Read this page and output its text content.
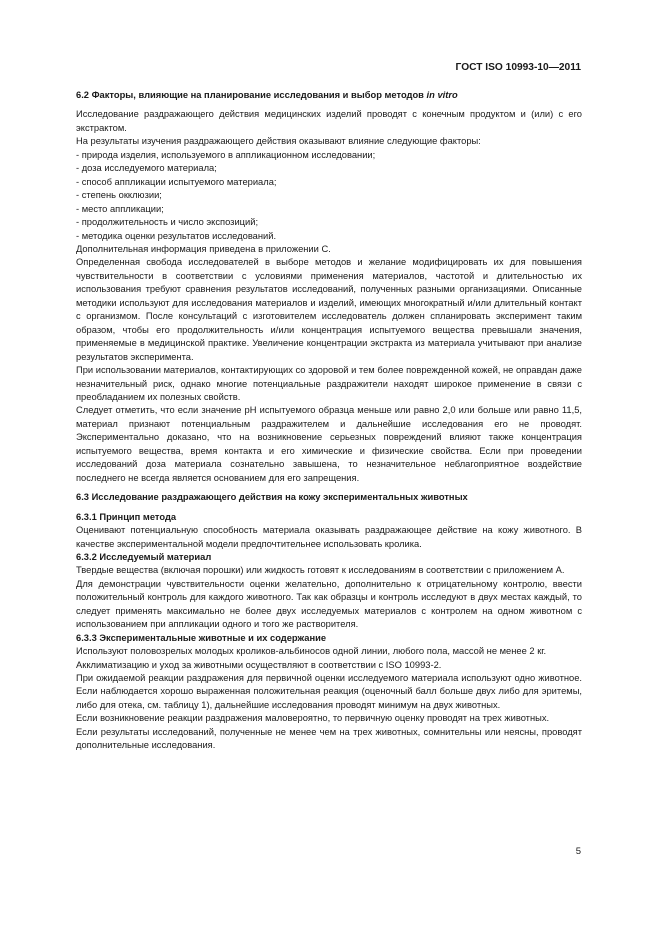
ГОСТ ISO 10993-10—2011
6.2 Факторы, влияющие на планирование исследования и выбор методов in vitro

Исследование раздражающего действия медицинских изделий проводят с конечным продуктом и (или) с его экстрактом.

На результаты изучения раздражающего действия оказывают влияние следующие факторы:

- природа изделия, используемого в аппликационном исследовании;
- доза исследуемого материала;
- способ аппликации испытуемого материала;
- степень окклюзии;
- место аппликации;
- продолжительность и число экспозиций;
- методика оценки результатов исследований.

Дополнительная информация приведена в приложении С.

Определенная свобода исследователей в выборе методов и желание модифицировать их для повышения чувствительности в соответствии с условиями применения материалов, частотой и длительностью их использования требуют сравнения результатов исследований, полученных разными организациями. Описанные методики используют для исследования материалов и изделий, имеющих многократный и/или длительный контакт с организмом. После консультаций с изготовителем исследователь должен спланировать эксперимент таким образом, чтобы его продолжительность и/или концентрация испытуемого вещества превышали значения, применяемые в медицинской практике. Увеличение концентрации экстракта из материала учитывают при анализе результатов эксперимента.

При использовании материалов, контактирующих со здоровой и тем более поврежденной кожей, не оправдан даже незначительный риск, однако многие потенциальные раздражители находят широкое применение в связи с преобладанием их полезных свойств.

Следует отметить, что если значение pH испытуемого образца меньше или равно 2,0 или больше или равно 11,5, материал признают потенциальным раздражителем и дальнейшие исследования его не проводят. Экспериментально доказано, что на возникновение серьезных повреждений влияют также концентрация испытуемого вещества, время контакта и его химические и физические свойства. Если при проведении исследований доза материала сознательно завышена, то незначительное неблагоприятное воздействие последнего не всегда является основанием для его запрещения.

6.3 Исследование раздражающего действия на кожу экспериментальных животных
6.3.1 Принцип метода

Оценивают потенциальную способность материала оказывать раздражающее действие на кожу животного. В качестве экспериментальной модели предпочтительнее использовать кролика.

6.3.2 Исследуемый материал

Твердые вещества (включая порошки) или жидкость готовят к исследованиям в соответствии с приложением А.

Для демонстрации чувствительности оценки желательно, дополнительно к отрицательному контролю, ввести положительный контроль для каждого животного. Так как образцы и контроль исследуют в двух местах каждый, то следует применять максимально не более двух исследуемых материалов с контролем на одном животном с использованием при аппликации одного и того же растворителя.

6.3.3 Экспериментальные животные и их содержание

Используют половозрелых молодых кроликов-альбиносов одной линии, любого пола, массой не менее 2 кг.

Акклиматизацию и уход за животными осуществляют в соответствии с ISO 10993-2.

При ожидаемой реакции раздражения для первичной оценки исследуемого материала используют одно животное. Если наблюдается хорошо выраженная положительная реакция (оценочный балл больше двух либо для эритемы, либо для отека, см. таблицу 1), дальнейшие исследования проводят минимум на двух животных.

Если возникновение реакции раздражения маловероятно, то первичную оценку проводят на трех животных.

Если результаты исследований, полученные не менее чем на трех животных, сомнительны или неясны, проводят дополнительные исследования.

5
